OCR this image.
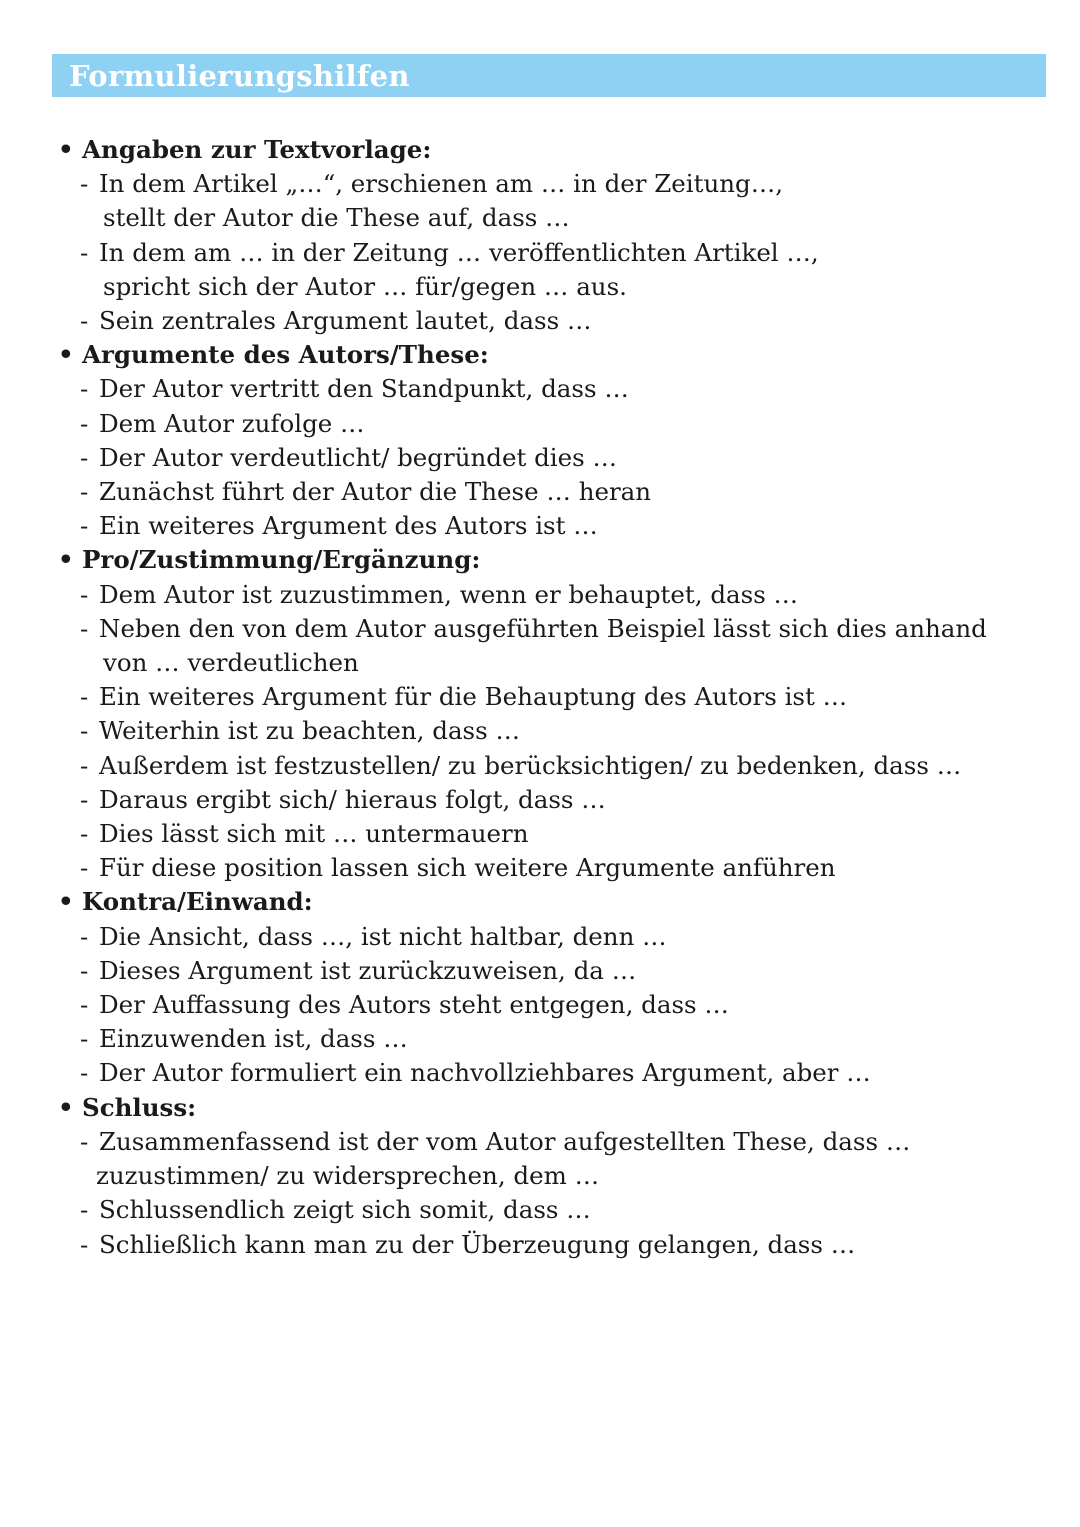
Formulierungshilfen
• Angaben zur Textvorlage:
- In dem Artikel „…“, erschienen am … in der Zeitung…,
stellt der Autor die These auf, dass …
- In dem am … in der Zeitung … veröffentlichten Artikel …,
spricht sich der Autor … für/gegen … aus.
- Sein zentrales Argument lautet, dass …
• Argumente des Autors/These:
- Der Autor vertritt den Standpunkt, dass …
- Dem Autor zufolge …
- Der Autor verdeutlicht/ begründet dies …
- Zunächst führt der Autor die These … heran
- Ein weiteres Argument des Autors ist …
• Pro/Zustimmung/Ergänzung:
- Dem Autor ist zuzustimmen, wenn er behauptet, dass …
- Neben den von dem Autor ausgeführten Beispiel lässt sich dies anhand
von … verdeutlichen
- Ein weiteres Argument für die Behauptung des Autors ist …
- Weiterhin ist zu beachten, dass …
- Außerdem ist festzustellen/ zu berücksichtigen/ zu bedenken, dass …
- Daraus ergibt sich/ hieraus folgt, dass …
- Dies lässt sich mit … untermauern
- Für diese position lassen sich weitere Argumente anführen
• Kontra/Einwand:
- Die Ansicht, dass …, ist nicht haltbar, denn …
- Dieses Argument ist zurückzuweisen, da …
- Der Auffassung des Autors steht entgegen, dass …
- Einzuwenden ist, dass …
- Der Autor formuliert ein nachvollziehbares Argument, aber …
• Schluss:
- Zusammenfassend ist der vom Autor aufgestellten These, dass …
zuzustimmen/ zu widersprechen, dem …
- Schlussendlich zeigt sich somit, dass …
- Schließlich kann man zu der Überzeugung gelangen, dass …
